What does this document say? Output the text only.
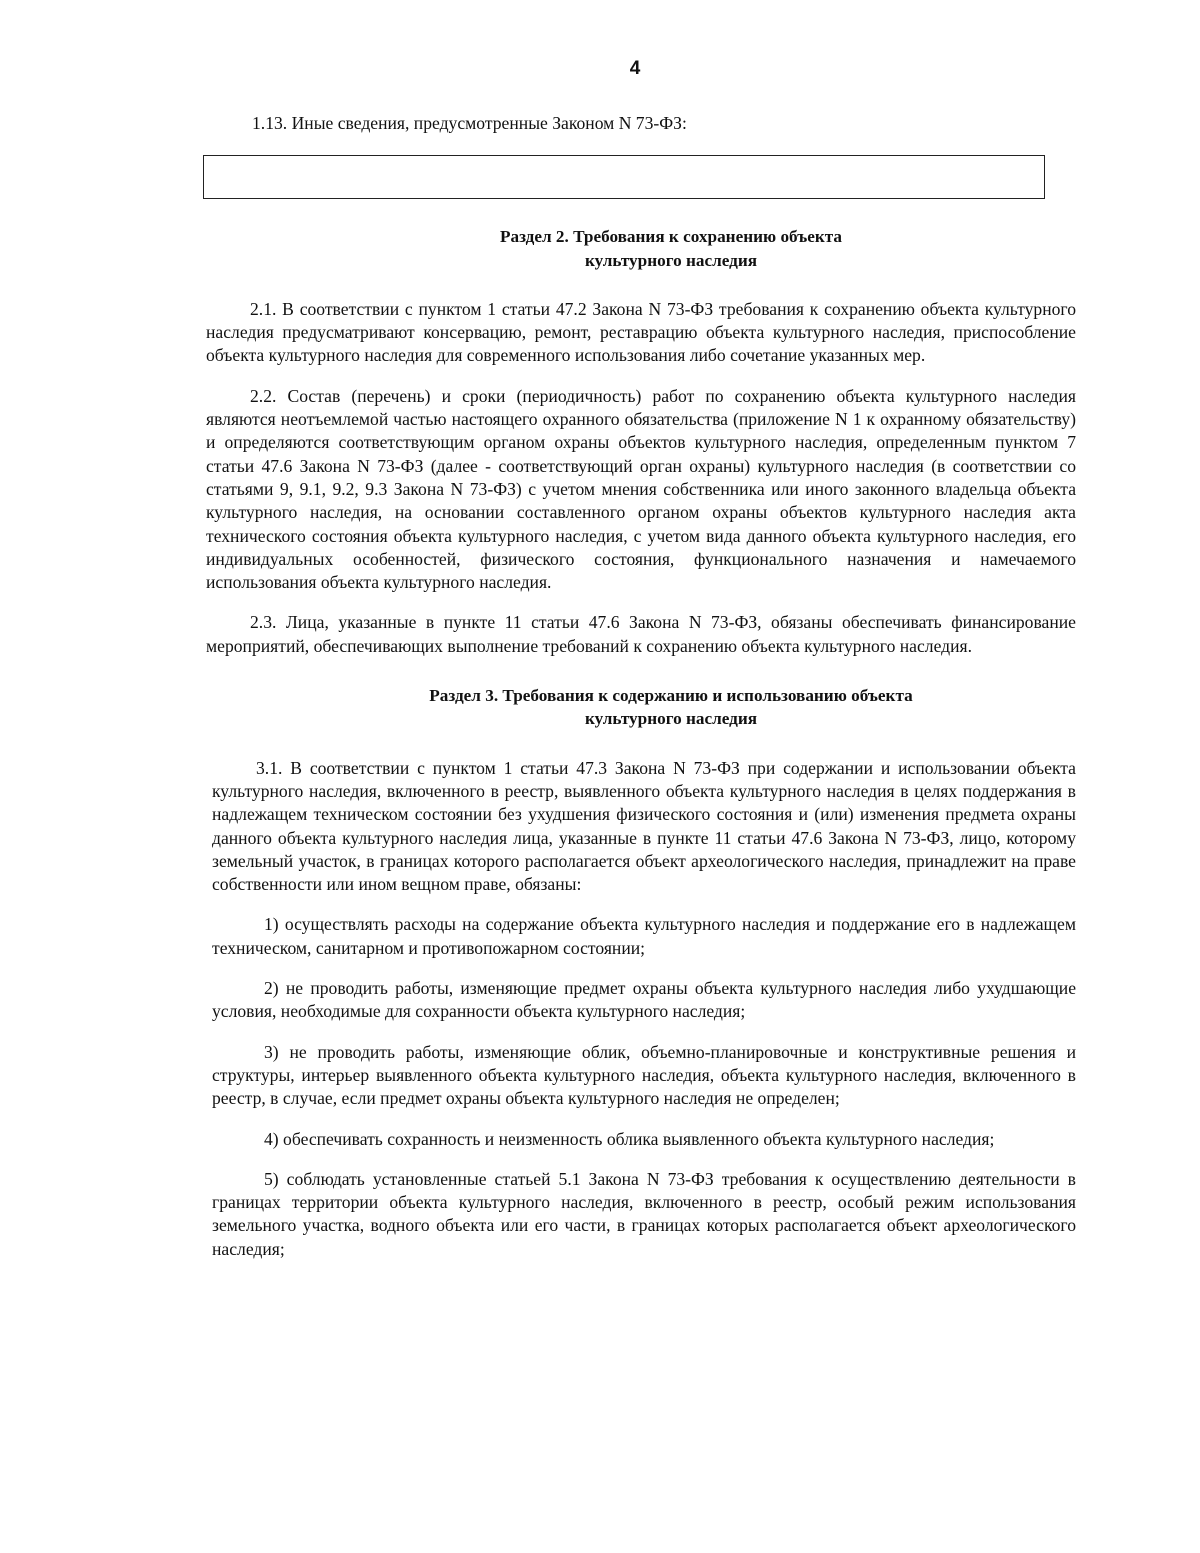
4

1.13. Иные сведения, предусмотренные Законом N 73-ФЗ:

Раздел 2. Требования к сохранению объекта
культурного наследия

2.1. В соответствии с пунктом 1 статьи 47.2 Закона N 73-ФЗ требования к сохранению объекта культурного наследия предусматривают консервацию, ремонт, реставрацию объекта культурного наследия, приспособление объекта культурного наследия для современного использования либо сочетание указанных мер.

2.2. Состав (перечень) и сроки (периодичность) работ по сохранению объекта культурного наследия являются неотъемлемой частью настоящего охранного обязательства (приложение N 1 к охранному обязательству) и определяются соответствующим органом охраны объектов культурного наследия, определенным пунктом 7 статьи 47.6 Закона N 73-ФЗ (далее - соответствующий орган охраны) культурного наследия (в соответствии со статьями 9, 9.1, 9.2, 9.3 Закона N 73-ФЗ) с учетом мнения собственника или иного законного владельца объекта культурного наследия, на основании составленного органом охраны объектов культурного наследия акта технического состояния объекта культурного наследия, с учетом вида данного объекта культурного наследия, его индивидуальных особенностей, физического состояния, функционального назначения и намечаемого использования объекта культурного наследия.

2.3. Лица, указанные в пункте 11 статьи 47.6 Закона N 73-ФЗ, обязаны обеспечивать финансирование мероприятий, обеспечивающих выполнение требований к сохранению объекта культурного наследия.

Раздел 3. Требования к содержанию и использованию объекта
культурного наследия

3.1. В соответствии с пунктом 1 статьи 47.3 Закона N 73-ФЗ при содержании и использовании объекта культурного наследия, включенного в реестр, выявленного объекта культурного наследия в целях поддержания в надлежащем техническом состоянии без ухудшения физического состояния и (или) изменения предмета охраны данного объекта культурного наследия лица, указанные в пункте 11 статьи 47.6 Закона N 73-ФЗ, лицо, которому земельный участок, в границах которого располагается объект археологического наследия, принадлежит на праве собственности или ином вещном праве, обязаны:

1) осуществлять расходы на содержание объекта культурного наследия и поддержание его в надлежащем техническом, санитарном и противопожарном состоянии;

2) не проводить работы, изменяющие предмет охраны объекта культурного наследия либо ухудшающие условия, необходимые для сохранности объекта культурного наследия;

3) не проводить работы, изменяющие облик, объемно-планировочные и конструктивные решения и структуры, интерьер выявленного объекта культурного наследия, объекта культурного наследия, включенного в реестр, в случае, если предмет охраны объекта культурного наследия не определен;

4) обеспечивать сохранность и неизменность облика выявленного объекта культурного наследия;

5) соблюдать установленные статьей 5.1 Закона N 73-ФЗ требования к осуществлению деятельности в границах территории объекта культурного наследия, включенного в реестр, особый режим использования земельного участка, водного объекта или его части, в границах которых располагается объект археологического наследия;
